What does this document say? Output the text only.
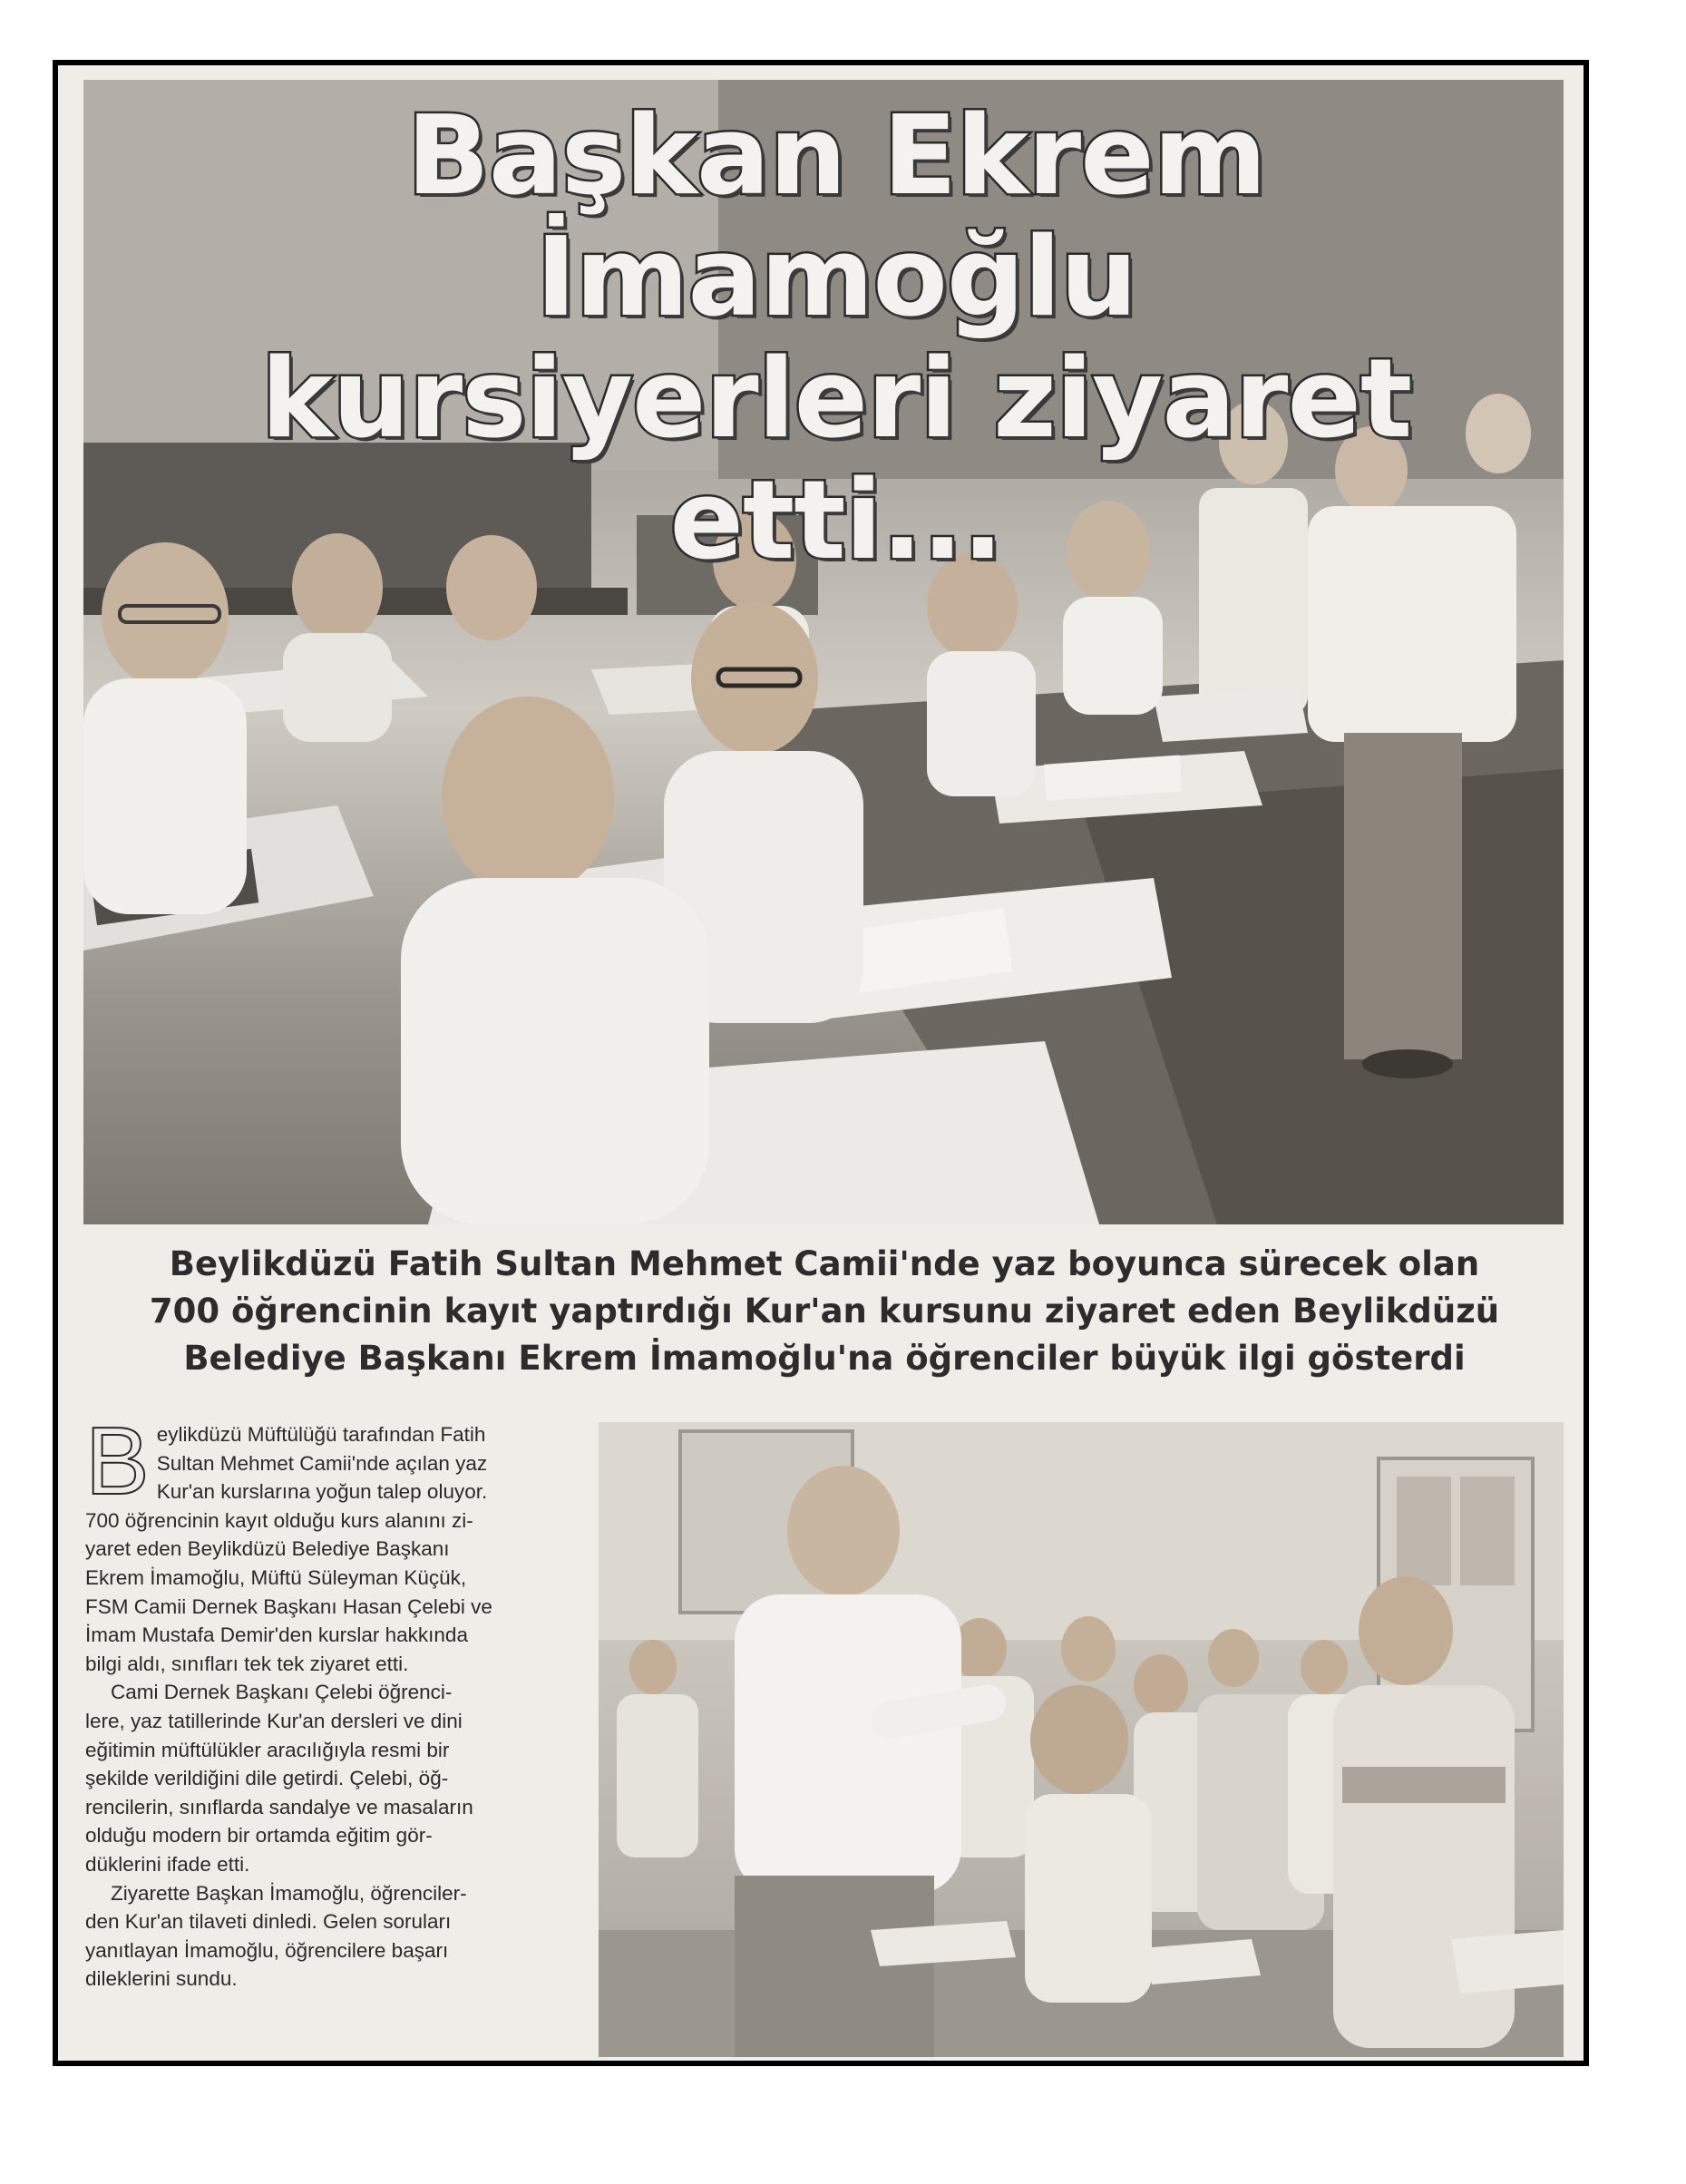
Başkan Ekrem İmamoğlu
kursiyerleri ziyaret etti...
Beylikdüzü Fatih Sultan Mehmet Camii'nde yaz boyunca sürecek olan
700 öğrencinin kayıt yaptırdığı Kur'an kursunu ziyaret eden Beylikdüzü
Belediye Başkanı Ekrem İmamoğlu'na öğrenciler büyük ilgi gösterdi

B eylikdüzü Müftülüğü tarafından Fatih
Sultan Mehmet Camii'nde açılan yaz
Kur'an kurslarına yoğun talep oluyor.
700 öğrencinin kayıt olduğu kurs alanını zi-
yaret eden Beylikdüzü Belediye Başkanı
Ekrem İmamoğlu, Müftü Süleyman Küçük,
FSM Camii Dernek Başkanı Hasan Çelebi ve
İmam Mustafa Demir'den kurslar hakkında
bilgi aldı, sınıfları tek tek ziyaret etti.

Cami Dernek Başkanı Çelebi öğrenci-
lere, yaz tatillerinde Kur'an dersleri ve dini
eğitimin müftülükler aracılığıyla resmi bir
şekilde verildiğini dile getirdi. Çelebi, öğ-
rencilerin, sınıflarda sandalye ve masaların
olduğu modern bir ortamda eğitim gör-
düklerini ifade etti.

Ziyarette Başkan İmamoğlu, öğrenciler-
den Kur'an tilaveti dinledi. Gelen soruları
yanıtlayan İmamoğlu, öğrencilere başarı
dileklerini sundu.
